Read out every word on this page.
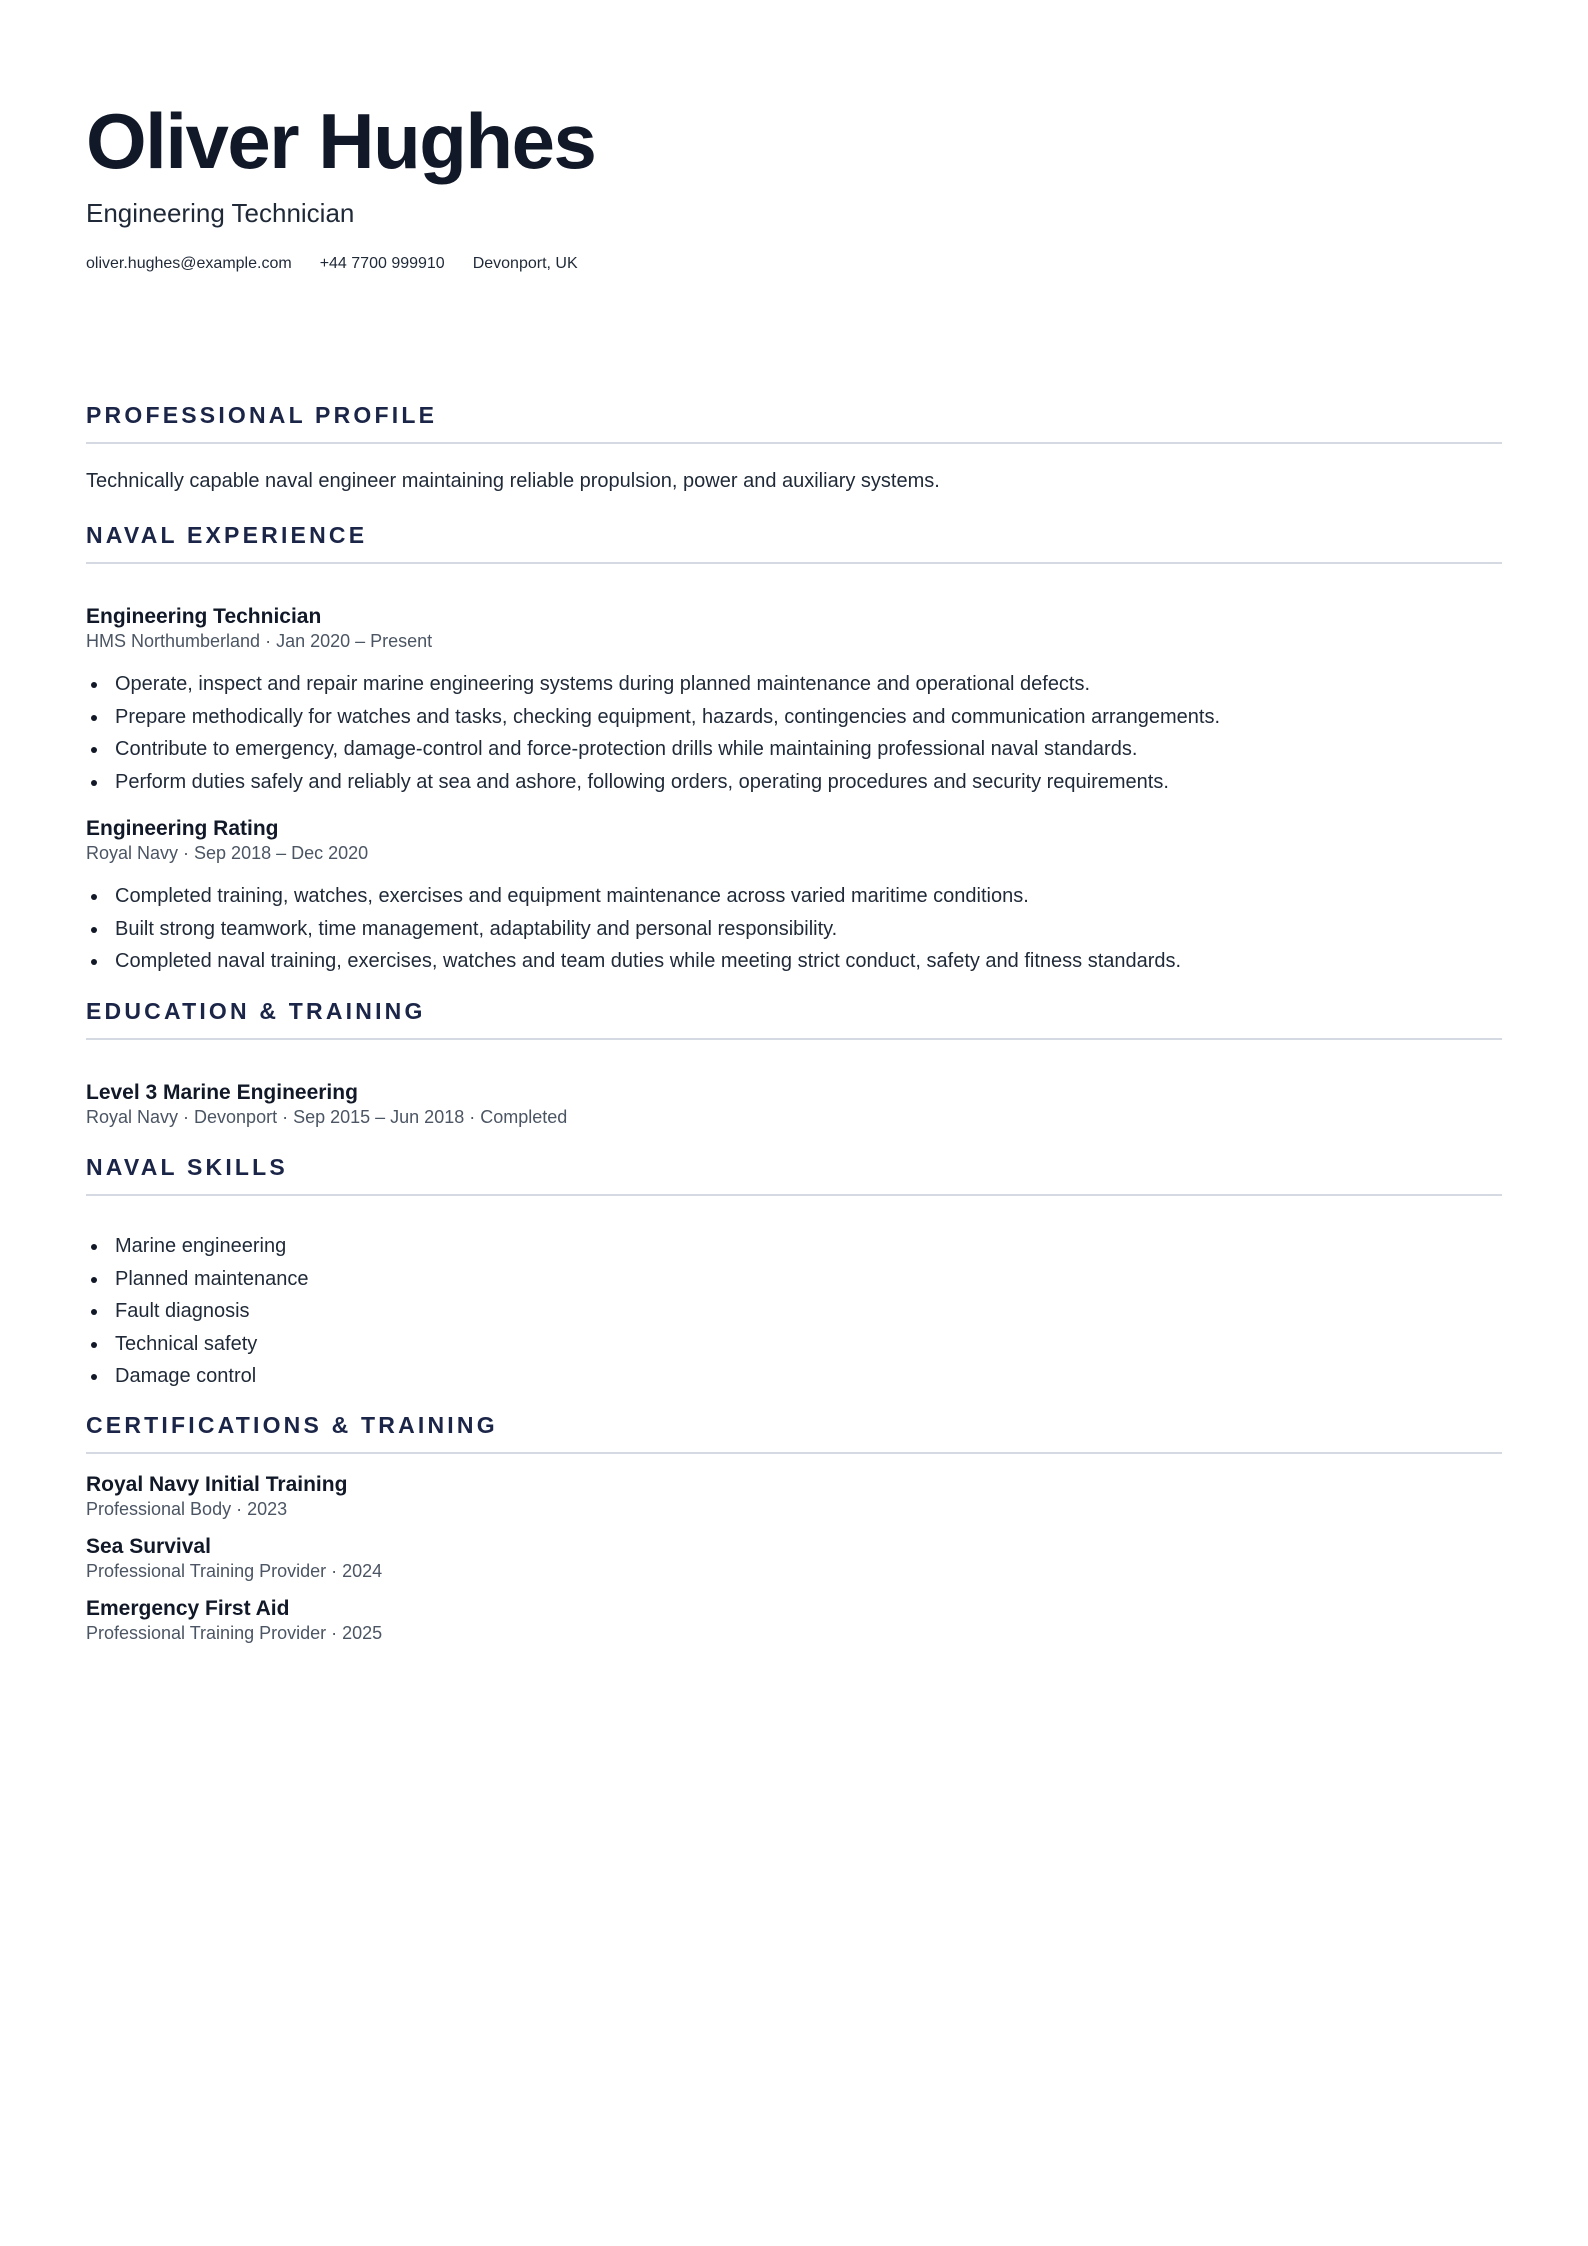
Oliver Hughes

Engineering Technician

oliver.hughes@example.com +44 7700 999910 Devonport, UK
PROFESSIONAL PROFILE

Technically capable naval engineer maintaining reliable propulsion, power and auxiliary systems.

NAVAL EXPERIENCE

Engineering Technician

HMS Northumberland · Jan 2020 – Present

Operate, inspect and repair marine engineering systems during planned maintenance and operational defects.
Prepare methodically for watches and tasks, checking equipment, hazards, contingencies and communication arrangements.
Contribute to emergency, damage-control and force-protection drills while maintaining professional naval standards.
Perform duties safely and reliably at sea and ashore, following orders, operating procedures and security requirements.

Engineering Rating

Royal Navy · Sep 2018 – Dec 2020

Completed training, watches, exercises and equipment maintenance across varied maritime conditions.
Built strong teamwork, time management, adaptability and personal responsibility.
Completed naval training, exercises, watches and team duties while meeting strict conduct, safety and fitness standards.
EDUCATION & TRAINING

Level 3 Marine Engineering

Royal Navy · Devonport · Sep 2015 – Jun 2018 · Completed

NAVAL SKILLS
Marine engineering
Planned maintenance
Fault diagnosis
Technical safety
Damage control
CERTIFICATIONS & TRAINING

Royal Navy Initial Training

Professional Body · 2023

Sea Survival

Professional Training Provider · 2024

Emergency First Aid

Professional Training Provider · 2025
